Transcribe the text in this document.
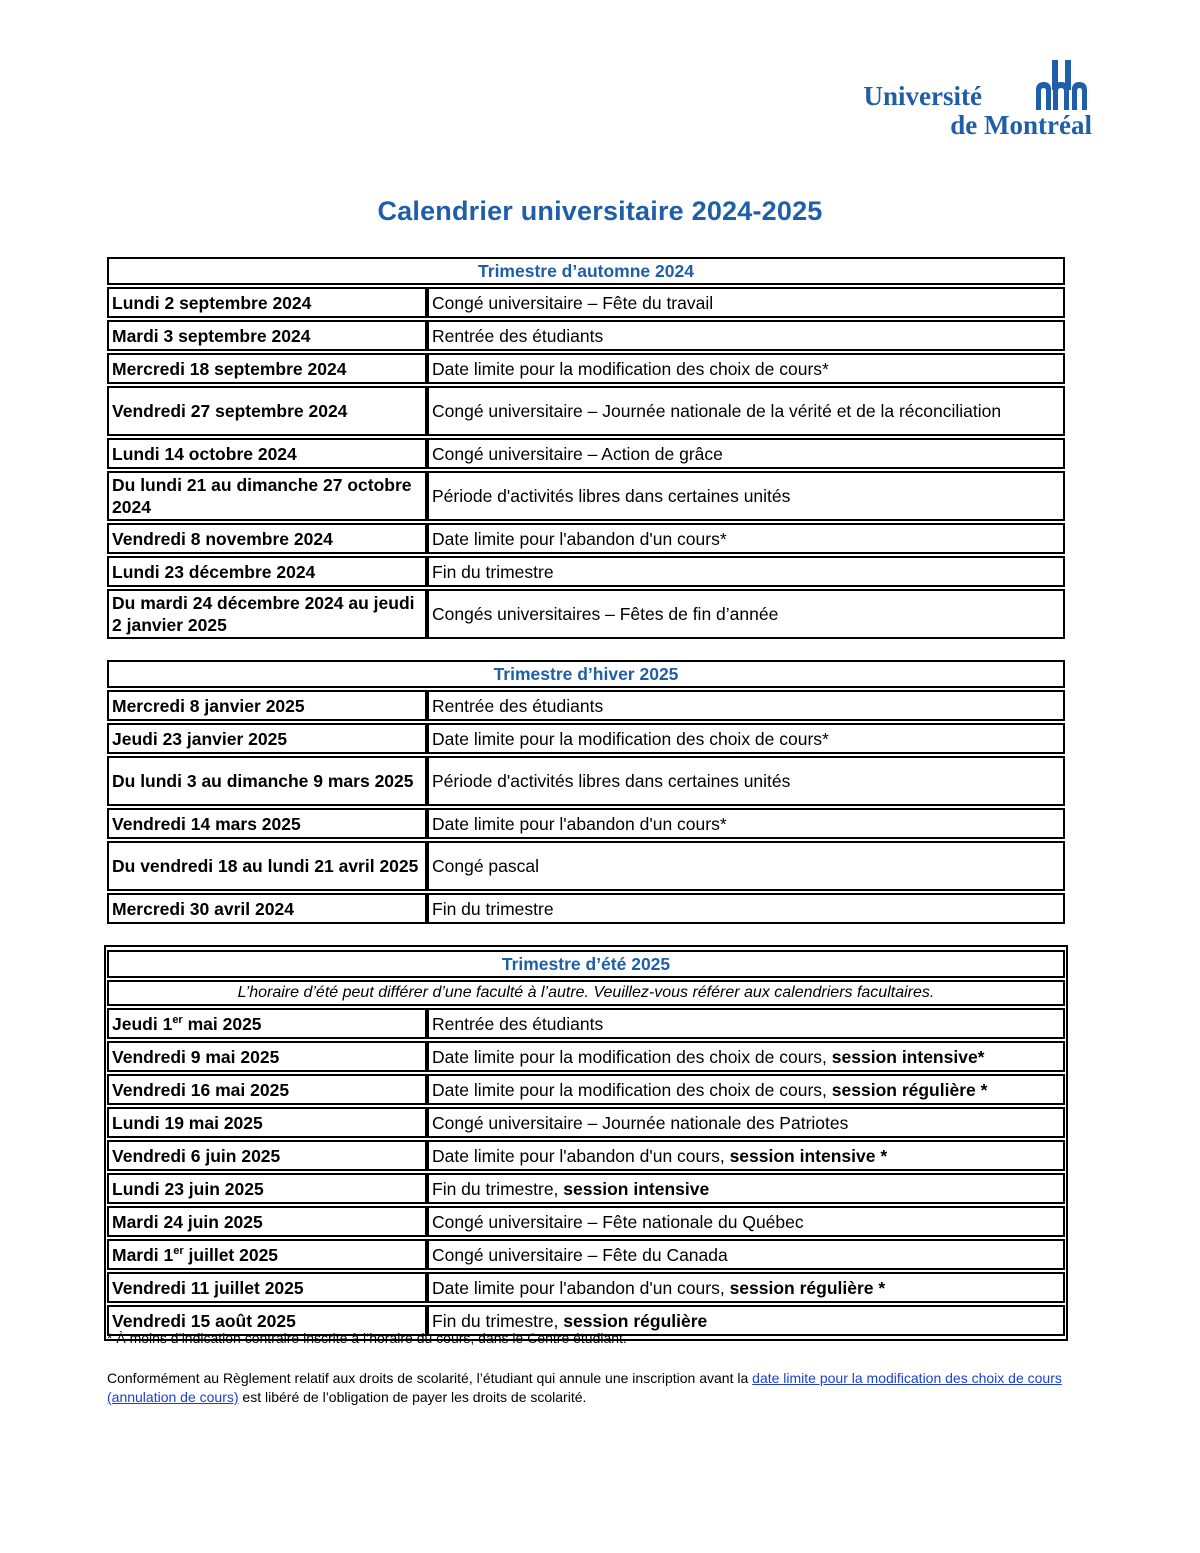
Université
de Montréal
Calendrier universitaire 2024-2025
Trimestre d’automne 2024	
Lundi 2 septembre 2024	Congé universitaire – Fête du travail
Mardi 3 septembre 2024	Rentrée des étudiants
Mercredi 18 septembre 2024	Date limite pour la modification des choix de cours*
Vendredi 27 septembre 2024	Congé universitaire – Journée nationale de la vérité et de la réconciliation
Lundi 14 octobre 2024	Congé universitaire – Action de grâce
Du lundi 21 au dimanche 27 octobre 2024	Période d'activités libres dans certaines unités
Vendredi 8 novembre 2024	Date limite pour l'abandon d'un cours*
Lundi 23 décembre 2024	Fin du trimestre
Du mardi 24 décembre 2024 au jeudi 2 janvier 2025	Congés universitaires – Fêtes de fin d’année
Trimestre d’hiver 2025	
Mercredi 8 janvier 2025	Rentrée des étudiants
Jeudi 23 janvier 2025	Date limite pour la modification des choix de cours*
Du lundi 3 au dimanche 9 mars 2025	Période d'activités libres dans certaines unités
Vendredi 14 mars 2025	Date limite pour l'abandon d'un cours*
Du vendredi 18 au lundi 21 avril 2025	Congé pascal
Mercredi 30 avril 2024	Fin du trimestre
Trimestre d’été 2025	
L’horaire d’été peut différer d’une faculté à l’autre. Veuillez-vous référer aux calendriers facultaires.	
Jeudi 1er mai 2025	Rentrée des étudiants
Vendredi 9 mai 2025	Date limite pour la modification des choix de cours, session intensive*
Vendredi 16 mai 2025	Date limite pour la modification des choix de cours, session régulière *
Lundi 19 mai 2025	Congé universitaire – Journée nationale des Patriotes
Vendredi 6 juin 2025	Date limite pour l'abandon d'un cours, session intensive *
Lundi 23 juin 2025	Fin du trimestre, session intensive
Mardi 24 juin 2025	Congé universitaire – Fête nationale du Québec
Mardi 1er juillet 2025	Congé universitaire – Fête du Canada
Vendredi 11 juillet 2025	Date limite pour l'abandon d'un cours, session régulière *
Vendredi 15 août 2025	Fin du trimestre, session régulière
* À moins d’indication contraire inscrite à l’horaire du cours, dans le Centre étudiant.
Conformément au Règlement relatif aux droits de scolarité, l’étudiant qui annule une inscription avant la date limite pour la modification des choix de cours (annulation de cours) est libéré de l’obligation de payer les droits de scolarité.
